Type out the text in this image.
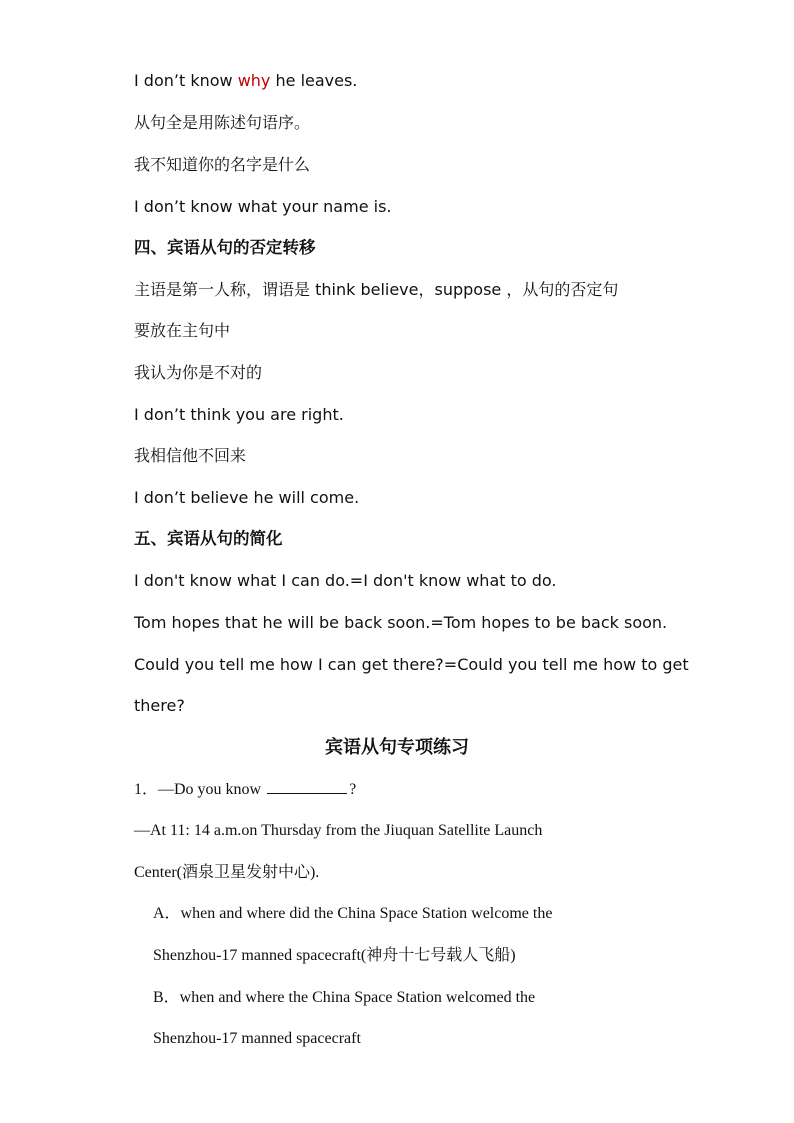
I don’t know why he leaves.
从句全是用陈述句语序。
我不知道你的名字是什么
I don’t know what your name is.
四、宾语从句的否定转移
主语是第一人称，谓语是 think believe，suppose ，从句的否定句
要放在主句中
我认为你是不对的
I don’t think you are right.
我相信他不回来
I don’t believe he will come.
五、宾语从句的简化
I don't know what I can do.=I don't know what to do.
Tom hopes that he will be back soon.=Tom hopes to be back soon.
Could you tell me how I can get there?=Could you tell me how to get
there?
宾语从句专项练习
1．—Do you know	?
—At 11: 14 a.m.on Thursday from the Jiuquan Satellite Launch
Center(酒泉卫星发射中心).
A．when and where did the China Space Station welcome the
Shenzhou-17 manned spacecraft(神舟十七号载人飞船)
B．when and where the China Space Station welcomed the
Shenzhou-17 manned spacecraft
